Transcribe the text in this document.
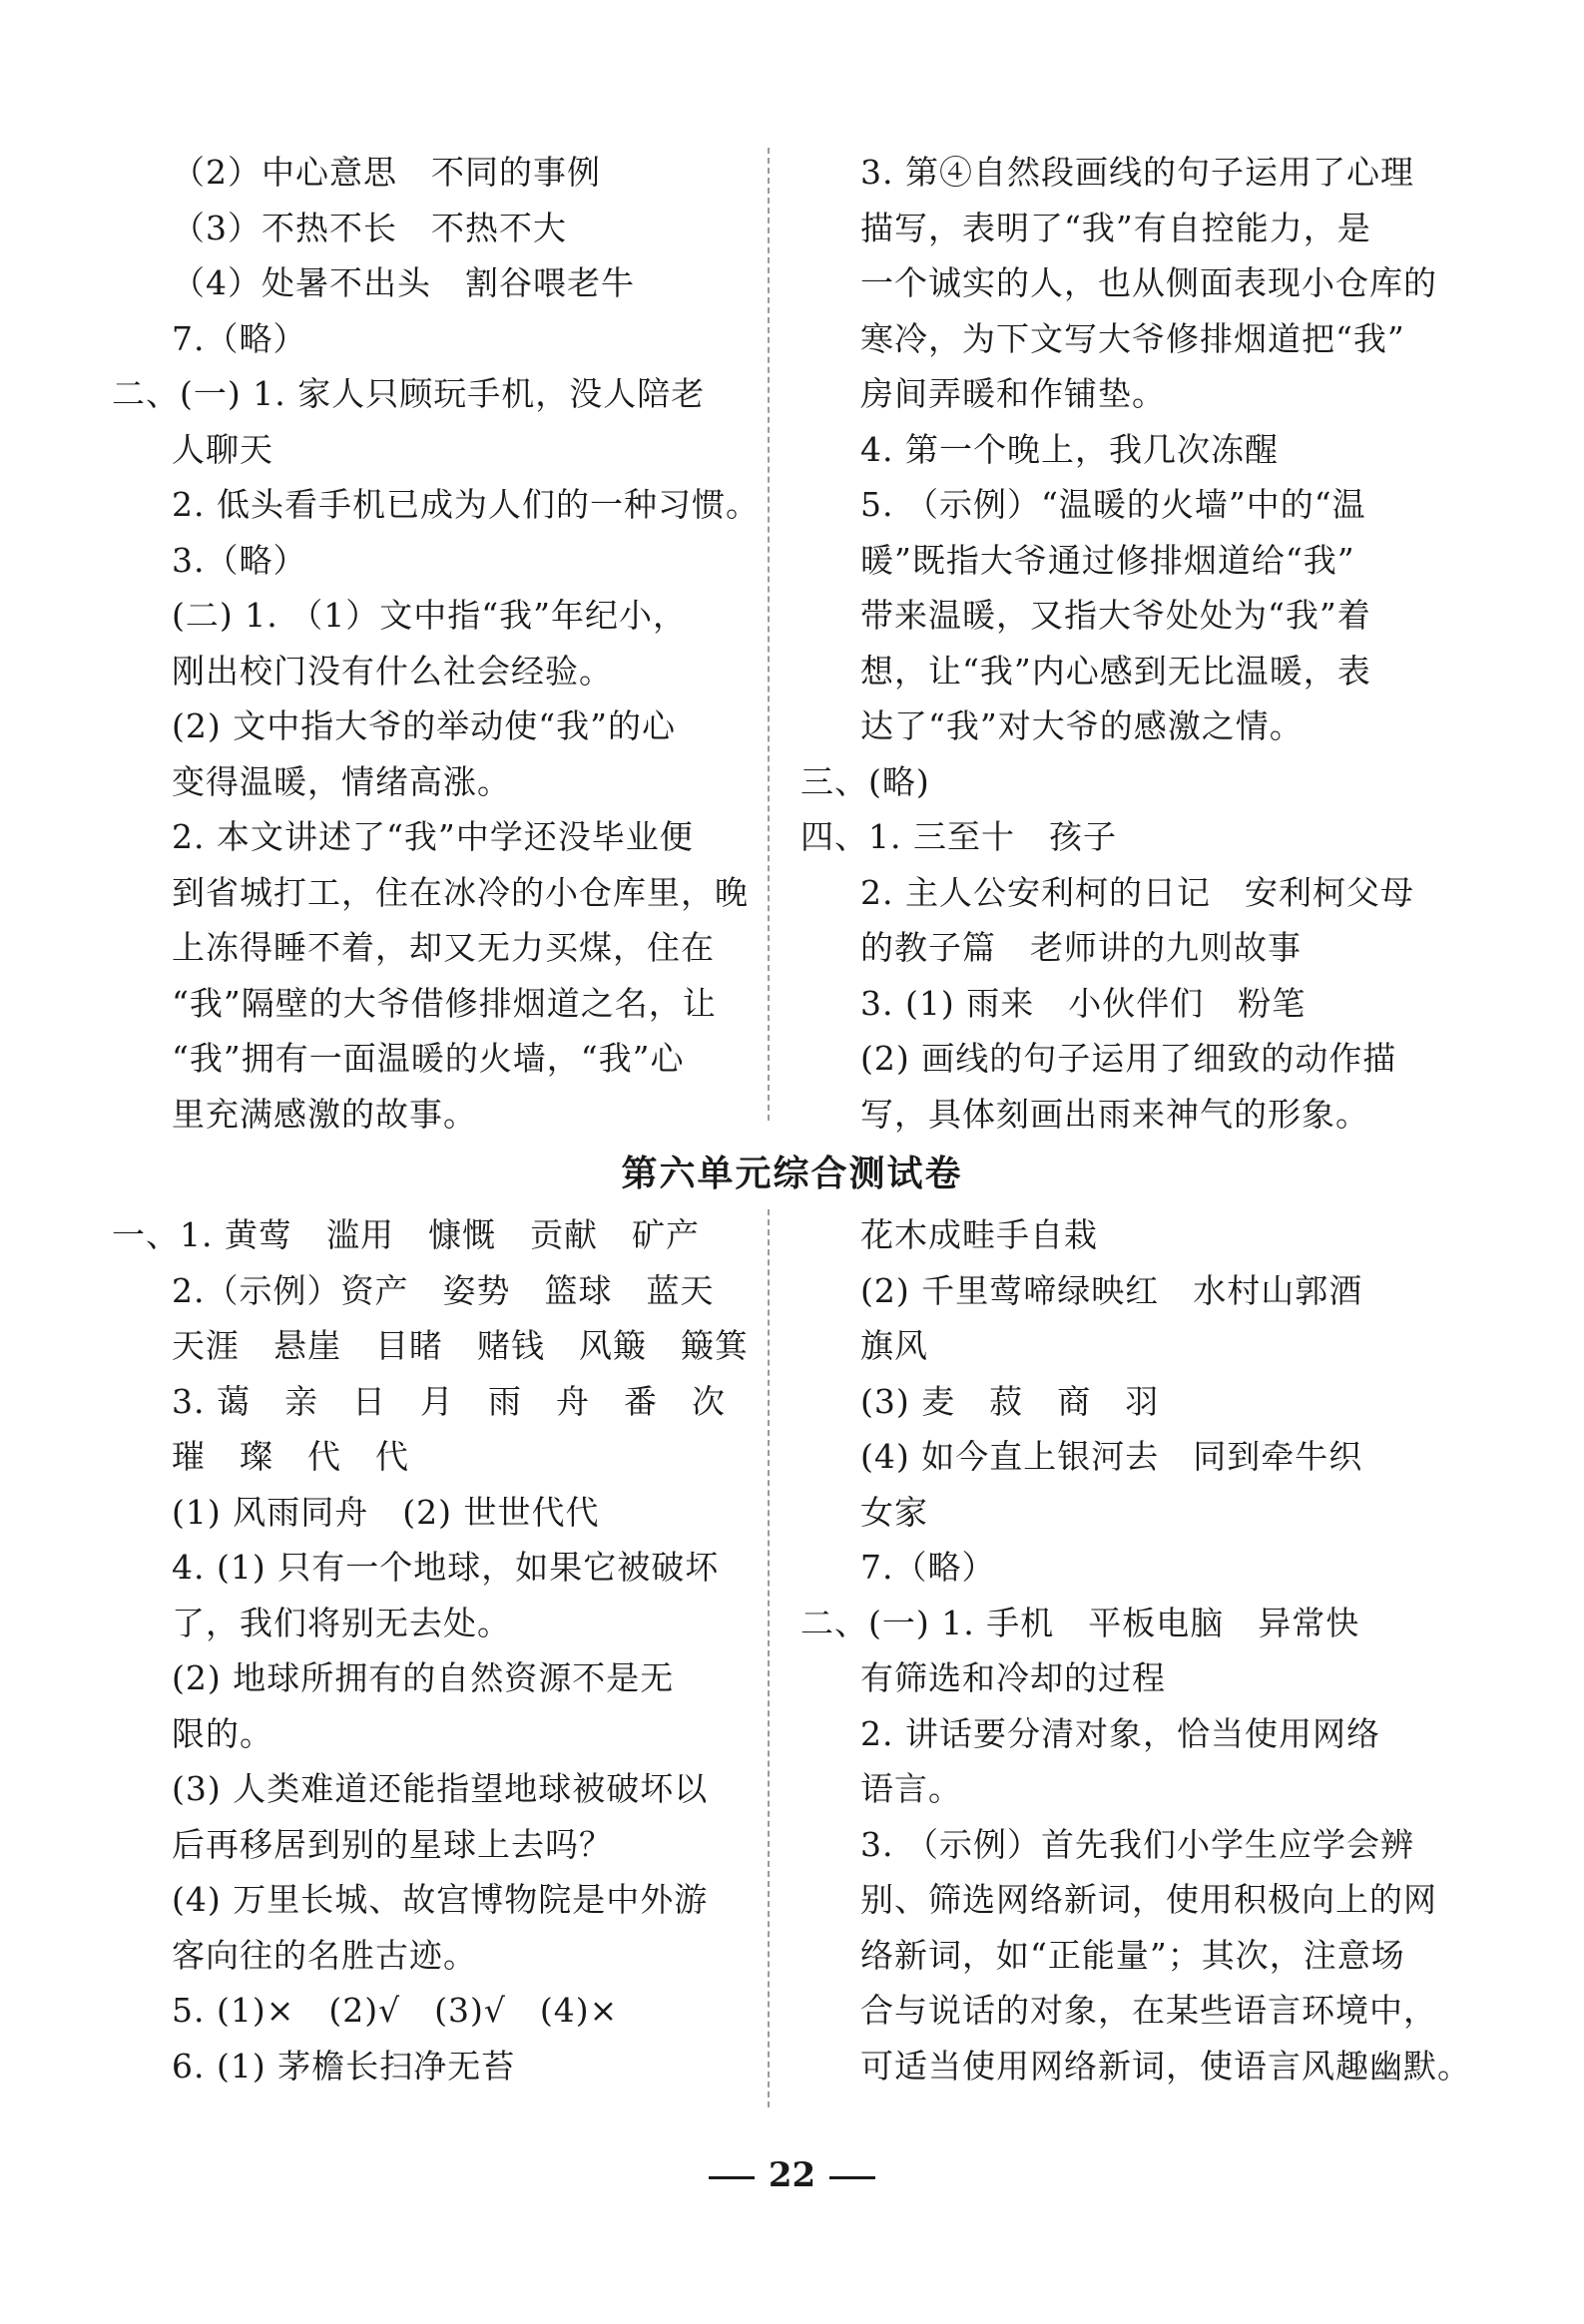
（2）中心意思　不同的事例
（3）不热不长　不热不大
（4）处暑不出头　割谷喂老牛
7.（略）
二、(一) 1. 家人只顾玩手机，没人陪老
人聊天
2. 低头看手机已成为人们的一种习惯。
3.（略）
(二) 1. （1）文中指“我”年纪小，
刚出校门没有什么社会经验。
(2) 文中指大爷的举动使“我”的心
变得温暖，情绪高涨。
2. 本文讲述了“我”中学还没毕业便
到省城打工，住在冰冷的小仓库里，晚
上冻得睡不着，却又无力买煤，住在
“我”隔壁的大爷借修排烟道之名，让
“我”拥有一面温暖的火墙，“我”心
里充满感激的故事。
3. 第④自然段画线的句子运用了心理
描写，表明了“我”有自控能力，是
一个诚实的人，也从侧面表现小仓库的
寒冷，为下文写大爷修排烟道把“我”
房间弄暖和作铺垫。
4. 第一个晚上，我几次冻醒
5. （示例）“温暖的火墙”中的“温
暖”既指大爷通过修排烟道给“我”
带来温暖，又指大爷处处为“我”着
想，让“我”内心感到无比温暖，表
达了“我”对大爷的感激之情。
三、(略)
四、1. 三至十　孩子
2. 主人公安利柯的日记　安利柯父母
的教子篇　老师讲的九则故事
3. (1) 雨来　小伙伴们　粉笔
(2) 画线的句子运用了细致的动作描
写，具体刻画出雨来神气的形象。
第六单元综合测试卷
一、1. 黄莺　滥用　慷慨　贡献　矿产
2.（示例）资产　姿势　篮球　蓝天
天涯　悬崖　目睹　赌钱　风簸　簸箕
3. 蔼　亲　日　月　雨　舟　番　次
璀　璨　代　代
(1) 风雨同舟　(2) 世世代代
4. (1) 只有一个地球，如果它被破坏
了，我们将别无去处。
(2) 地球所拥有的自然资源不是无
限的。
(3) 人类难道还能指望地球被破坏以
后再移居到别的星球上去吗？
(4) 万里长城、故宫博物院是中外游
客向往的名胜古迹。
5. (1)×　(2)√　(3)√　(4)×
6. (1) 茅檐长扫净无苔
花木成畦手自栽
(2) 千里莺啼绿映红　水村山郭酒
旗风
(3) 麦　菽　商　羽
(4) 如今直上银河去　同到牵牛织
女家
7.（略）
二、(一) 1. 手机　平板电脑　异常快
有筛选和冷却的过程
2. 讲话要分清对象，恰当使用网络
语言。
3. （示例）首先我们小学生应学会辨
别、筛选网络新词，使用积极向上的网
络新词，如“正能量”；其次，注意场
合与说话的对象，在某些语言环境中，
可适当使用网络新词，使语言风趣幽默。
22
